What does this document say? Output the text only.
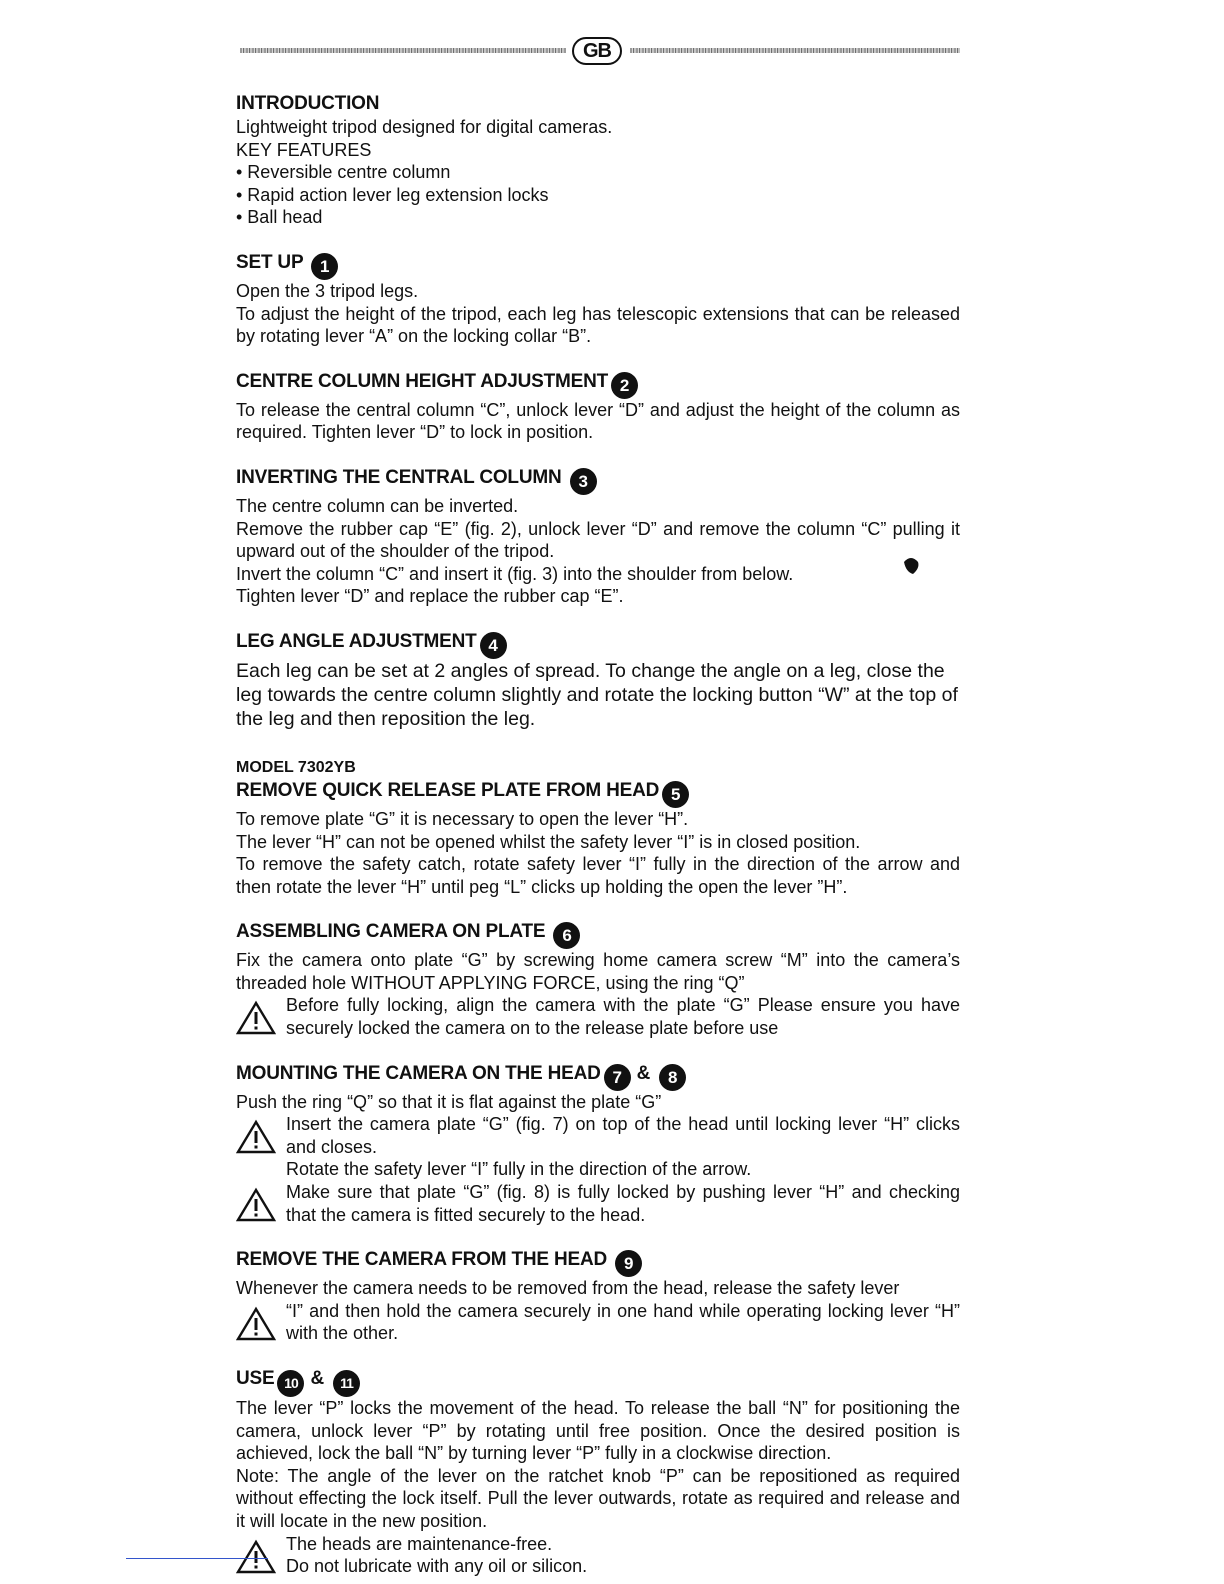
GB
INTRODUCTION

Lightweight tripod designed for digital cameras.

KEY FEATURES

• Reversible centre column

• Rapid action lever leg extension locks

• Ball head

SET UP 1

Open the 3 tripod legs.

To adjust the height of the tripod, each leg has telescopic extensions that can be released by rotating lever “A” on the locking collar “B”.

CENTRE COLUMN HEIGHT ADJUSTMENT 2

To release the central column “C”, unlock lever “D” and adjust the height of the column as required. Tighten lever “D” to lock in position.

INVERTING THE CENTRAL COLUMN 3

The centre column can be inverted.

Remove the rubber cap “E” (fig. 2), unlock lever “D” and remove the column “C” pulling it upward out of the shoulder of the tripod.

Invert the column “C” and insert it (fig. 3) into the shoulder from below.

Tighten lever “D” and replace the rubber cap “E”.

LEG ANGLE ADJUSTMENT 4

Each leg can be set at 2 angles of spread. To change the angle on a leg, close the leg towards the centre column slightly and rotate the locking button “W” at the top of the leg and then reposition the leg.

MODEL 7302YB
REMOVE QUICK RELEASE PLATE FROM HEAD 5

To remove plate “G” it is necessary to open the lever “H”.

The lever “H” can not be opened whilst the safety lever “I” is in closed position.

To remove the safety catch, rotate safety lever “I” fully in the direction of the arrow and then rotate the lever “H” until peg “L” clicks up holding the open the lever ”H”.

ASSEMBLING CAMERA ON PLATE 6

Fix the camera onto plate “G” by screwing home camera screw “M” into the camera’s threaded hole WITHOUT APPLYING FORCE, using the ring “Q”

Before fully locking, align the camera with the plate “G” Please ensure you have securely locked the camera on to the release plate before use

MOUNTING THE CAMERA ON THE HEAD 7 & 8

Push the ring “Q” so that it is flat against the plate “G”

Insert the camera plate “G” (fig. 7) on top of the head until locking lever “H” clicks and closes.

Rotate the safety lever “I” fully in the direction of the arrow.

Make sure that plate “G” (fig. 8) is fully locked by pushing lever “H” and checking that the camera is fitted securely to the head.

REMOVE THE CAMERA FROM THE HEAD 9

Whenever the camera needs to be removed from the head, release the safety lever

“I” and then hold the camera securely in one hand while operating locking lever “H” with the other.

USE 10 & 11

The lever “P” locks the movement of the head. To release the ball “N” for positioning the camera, unlock lever “P” by rotating until free position. Once the desired position is achieved, lock the ball “N” by turning lever “P” fully in a clockwise direction.

Note: The angle of the lever on the ratchet knob “P” can be repositioned as required without effecting the lock itself. Pull the lever outwards, rotate as required and release and it will locate in the new position.

The heads are maintenance-free.

Do not lubricate with any oil or silicon.
